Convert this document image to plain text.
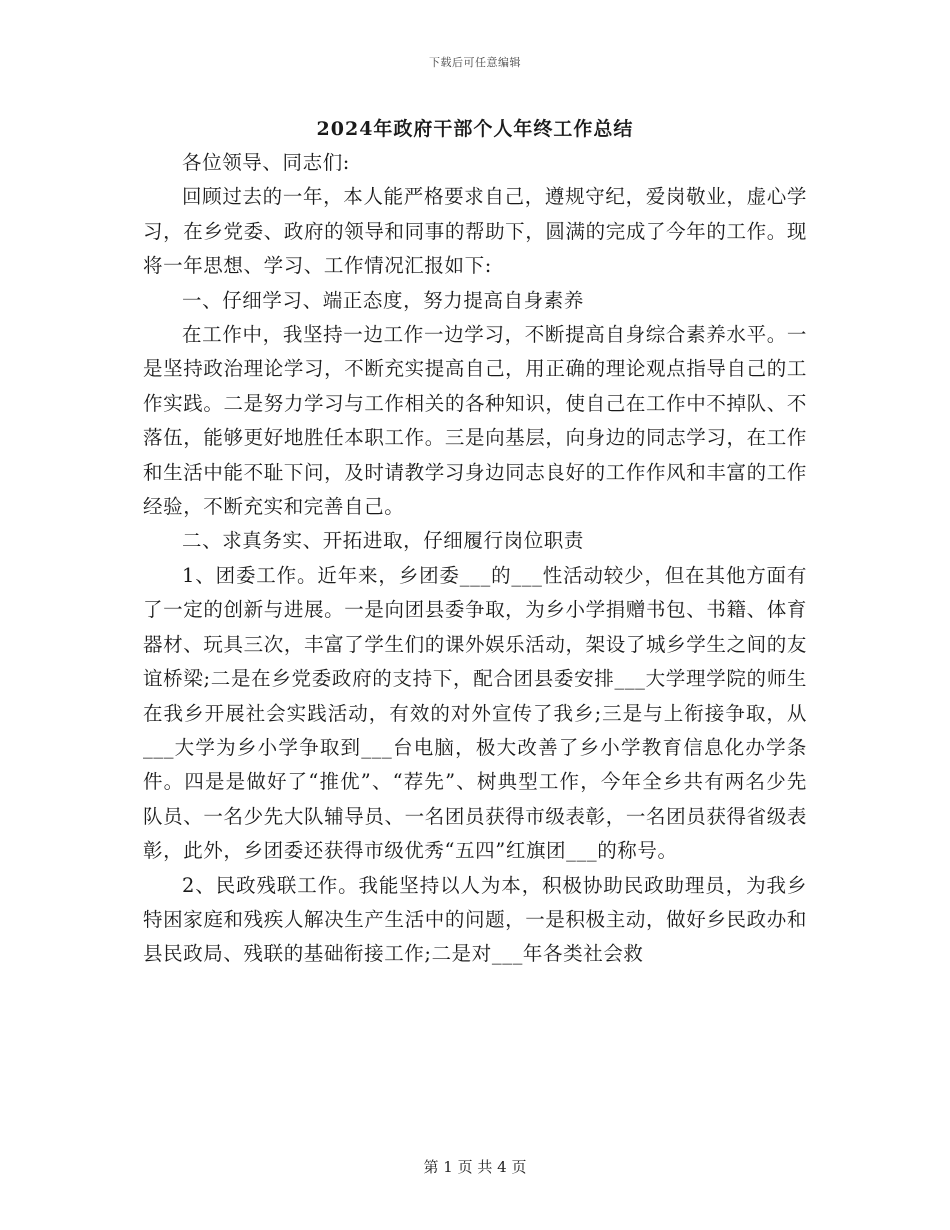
下载后可任意编辑
2024年政府干部个人年终工作总结

各位领导、同志们:

回顾过去的一年，本人能严格要求自己，遵规守纪，爱岗敬业，虚心学习，在乡党委、政府的领导和同事的帮助下，圆满的完成了今年的工作。现将一年思想、学习、工作情况汇报如下:

一、仔细学习、端正态度，努力提高自身素养

在工作中，我坚持一边工作一边学习，不断提高自身综合素养水平。一是坚持政治理论学习，不断充实提高自己，用正确的理论观点指导自己的工作实践。二是努力学习与工作相关的各种知识，使自己在工作中不掉队、不落伍，能够更好地胜任本职工作。三是向基层，向身边的同志学习，在工作和生活中能不耻下问，及时请教学习身边同志良好的工作作风和丰富的工作经验，不断充实和完善自己。

二、求真务实、开拓进取，仔细履行岗位职责

1、团委工作。近年来，乡团委___的___性活动较少，但在其他方面有了一定的创新与进展。一是向团县委争取，为乡小学捐赠书包、书籍、体育器材、玩具三次，丰富了学生们的课外娱乐活动，架设了城乡学生之间的友谊桥梁;二是在乡党委政府的支持下，配合团县委安排___大学理学院的师生在我乡开展社会实践活动，有效的对外宣传了我乡;三是与上衔接争取，从___大学为乡小学争取到___台电脑，极大改善了乡小学教育信息化办学条件。四是是做好了“推优”、“荐先”、树典型工作，今年全乡共有两名少先队员、一名少先大队辅导员、一名团员获得市级表彰，一名团员获得省级表彰，此外，乡团委还获得市级优秀“五四”红旗团___的称号。

2、民政残联工作。我能坚持以人为本，积极协助民政助理员，为我乡特困家庭和残疾人解决生产生活中的问题，一是积极主动，做好乡民政办和县民政局、残联的基础衔接工作;二是对___年各类社会救

第 1 页 共 4 页
